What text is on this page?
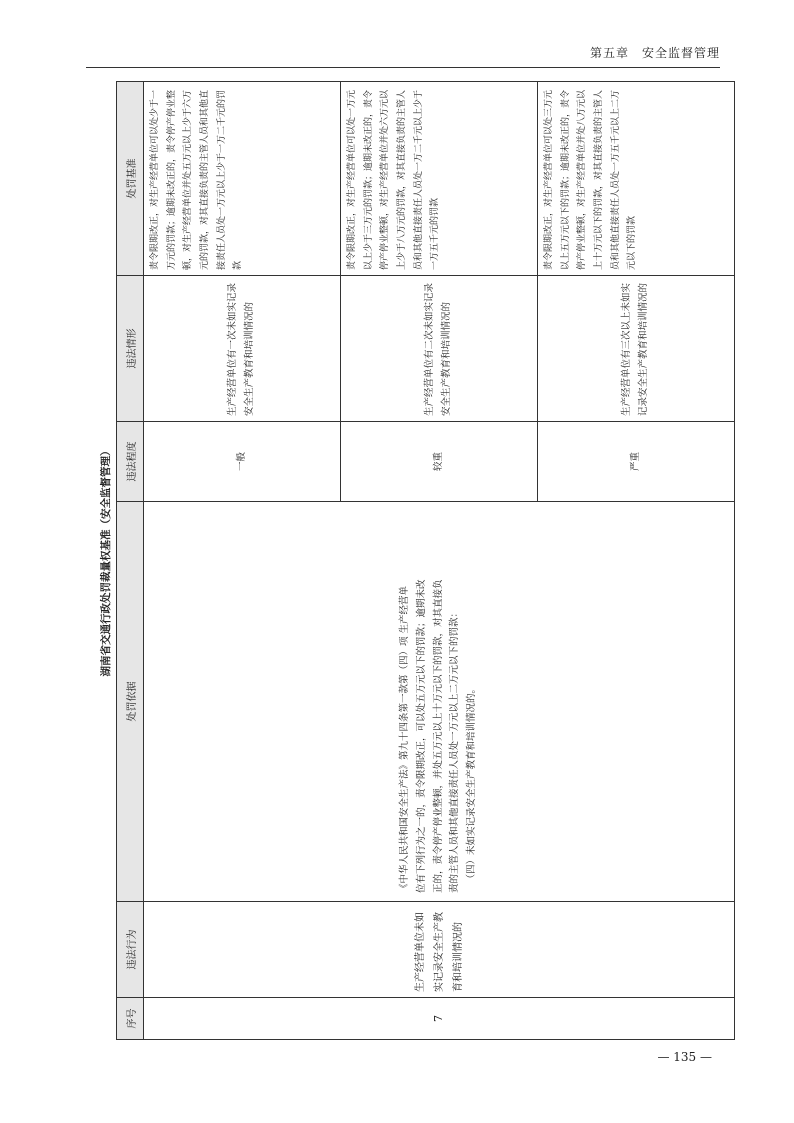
第五章　安全监督管理
湖南省交通行政处罚裁量权基准（安全监督管理）
序号	违法行为	处罚依据	违法程度	违法情形	处罚基准
7	生产经营单位未如实记录安全生产教育和培训情况的	《中华人民共和国安全生产法》第九十四条第一款第（四）项 生产经营单 位有下列行为之一的，责令限期改正，可以处五万元以下的罚款；逾期未改 正的，责令停产停业整顿，并处五万元以上十万元以下的罚款，对其直接负 责的主管人员和其他直接责任人员处一万元以上二万元以下的罚款： （四）未如实记录安全生产教育和培训情况的。	一般	生产经营单位有一次未如实记录安全生产教育和培训情况的	责令限期改正，对生产经营单位可以处少于一万元的罚款；逾期未改正的，责令停产停业整顿，对生产经营单位并处五万元以上少于六万元的罚款，对其直接负责的主管人员和其他直接责任人员处一万元以上少于一万二千元的罚款
			较重	生产经营单位有二次未如实记录安全生产教育和培训情况的	责令限期改正，对生产经营单位可以处一万元以上少于三万元的罚款；逾期未改正的，责令停产停业整顿，对生产经营单位并处六万元以上少于八万元的罚款，对其直接负责的主管人员和其他直接责任人员处一万二千元以上少于一万五千元的罚款
			严重	生产经营单位有三次以上未如实记录安全生产教育和培训情况的	责令限期改正，对生产经营单位可以处三万元以上五万元以下的罚款；逾期未改正的，责令停产停业整顿，对生产经营单位并处八万元以上十万元以下的罚款，对其直接负责的主管人员和其他直接责任人员处一万五千元以上二万元以下的罚款
— 135 —
